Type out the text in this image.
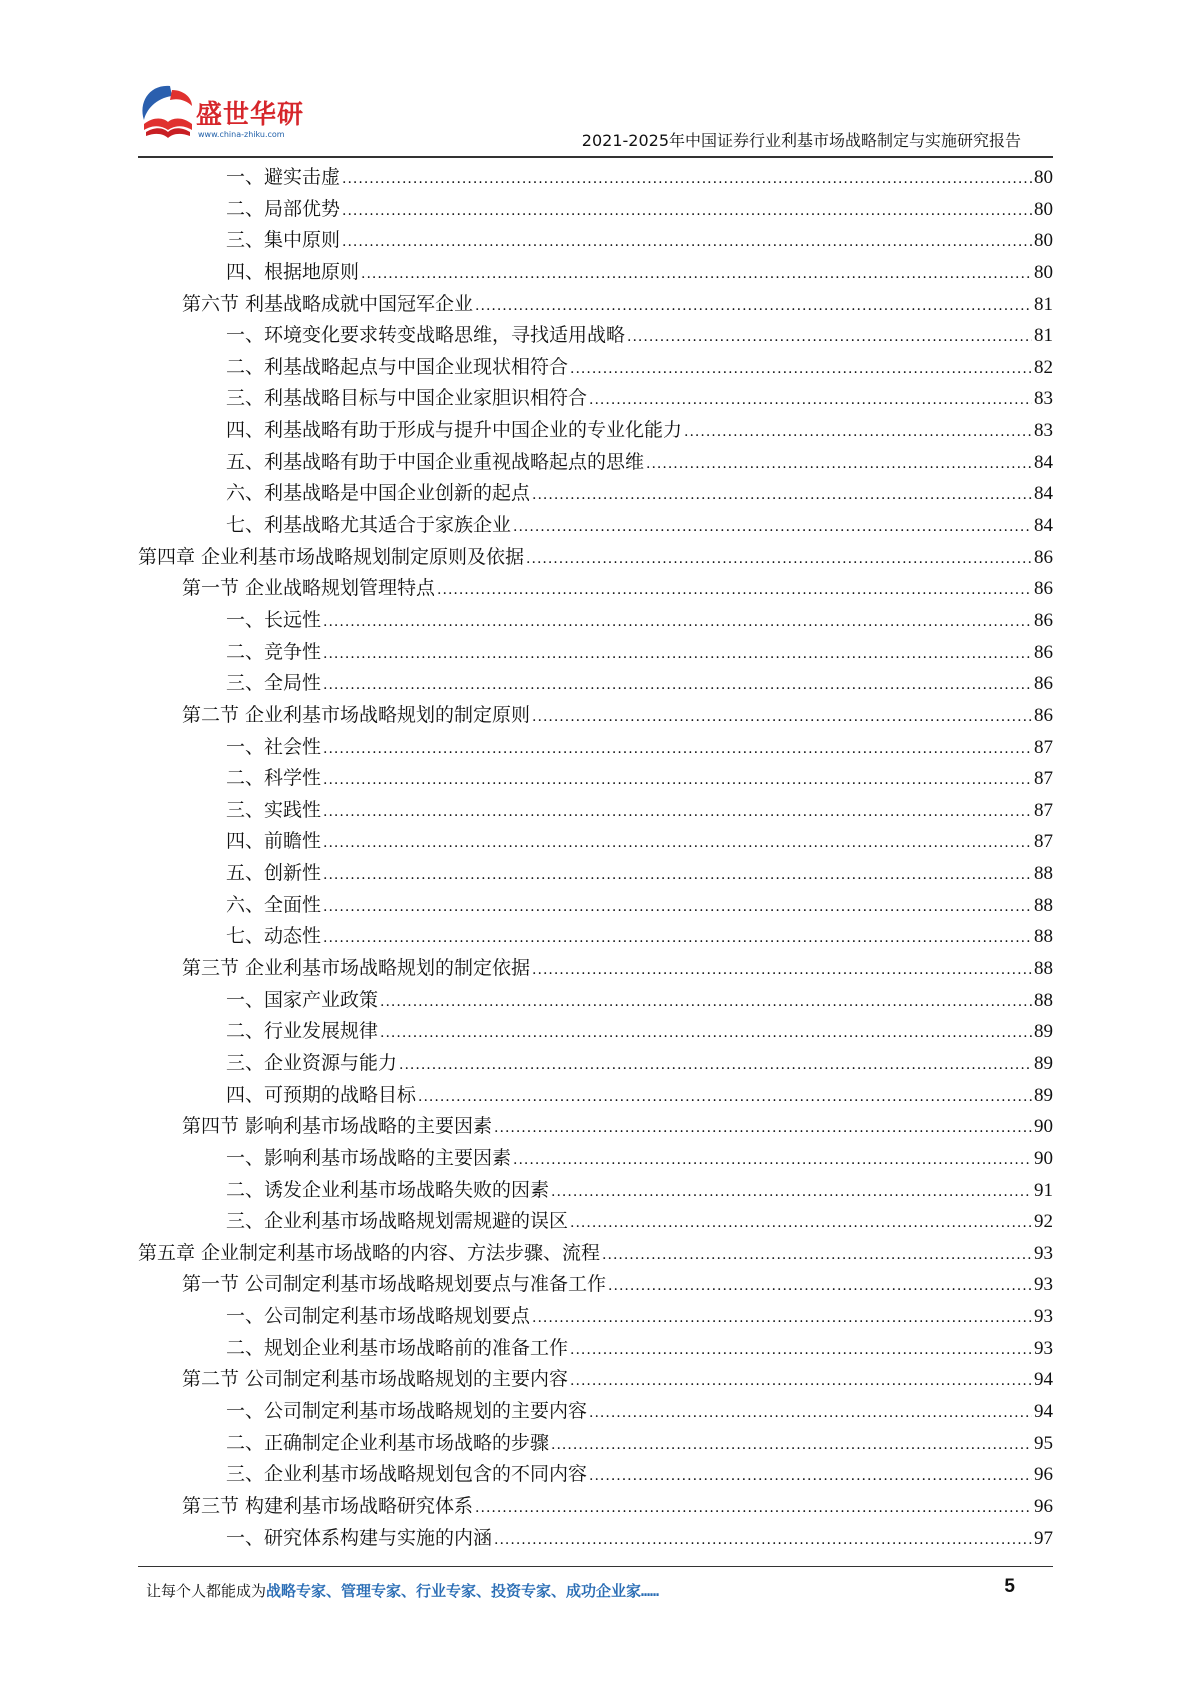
盛世华研
www.china-zhiku.com	2021-2025年中国证券行业利基市场战略制定与实施研究报告
一、避实击虚 .....	80
二、局部优势 .....	80
三、集中原则 .....	80
四、根据地原则 .....	80
第六节 利基战略成就中国冠军企业 .....	81
一、环境变化要求转变战略思维，寻找适用战略 .....	81
二、利基战略起点与中国企业现状相符合 .....	82
三、利基战略目标与中国企业家胆识相符合 .....	83
四、利基战略有助于形成与提升中国企业的专业化能力 .....	83
五、利基战略有助于中国企业重视战略起点的思维 .....	84
六、利基战略是中国企业创新的起点 .....	84
七、利基战略尤其适合于家族企业 .....	84
第四章 企业利基市场战略规划制定原则及依据 .....	86
第一节 企业战略规划管理特点 .....	86
一、长远性 .....	86
二、竞争性 .....	86
三、全局性 .....	86
第二节 企业利基市场战略规划的制定原则 .....	86
一、社会性 .....	87
二、科学性 .....	87
三、实践性 .....	87
四、前瞻性 .....	87
五、创新性 .....	88
六、全面性 .....	88
七、动态性 .....	88
第三节 企业利基市场战略规划的制定依据 .....	88
一、国家产业政策 .....	88
二、行业发展规律 .....	89
三、企业资源与能力 .....	89
四、可预期的战略目标 .....	89
第四节 影响利基市场战略的主要因素 .....	90
一、影响利基市场战略的主要因素 .....	90
二、诱发企业利基市场战略失败的因素 .....	91
三、企业利基市场战略规划需规避的误区 .....	92
第五章 企业制定利基市场战略的内容、方法步骤、流程 .....	93
第一节 公司制定利基市场战略规划要点与准备工作 .....	93
一、公司制定利基市场战略规划要点 .....	93
二、规划企业利基市场战略前的准备工作 .....	93
第二节 公司制定利基市场战略规划的主要内容 .....	94
一、公司制定利基市场战略规划的主要内容 .....	94
二、正确制定企业利基市场战略的步骤 .....	95
三、企业利基市场战略规划包含的不同内容 .....	96
第三节 构建利基市场战略研究体系 .....	96
一、研究体系构建与实施的内涵 .....	97
让每个人都能成为战略专家、管理专家、行业专家、投资专家、成功企业家……	5
